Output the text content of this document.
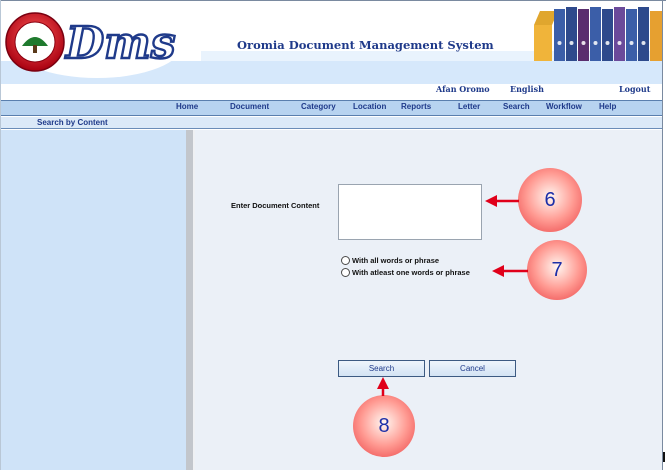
Dms	Oromia Document Management System
Afan Oromo	English	Logout
Home	Document	Category Location Reports	Letter	Search Workflow Help
Search by Content
Enter Document Content
With all words or phrase
With atleast one words or phrase
Search	Cancel
6
7
8
